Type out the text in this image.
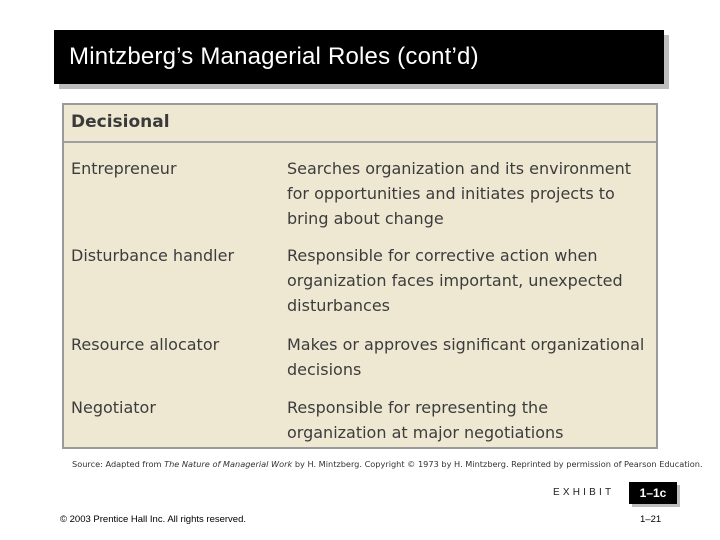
Mintzberg’s Managerial Roles (cont’d)
Decisional
Entrepreneur	Searches organization and its environment for opportunities and initiates projects to bring about change
Disturbance handler	Responsible for corrective action when organization faces important, unexpected disturbances
Resource allocator	Makes or approves significant organizational decisions
Negotiator	Responsible for representing the organization at major negotiations
Source: Adapted from The Nature of Managerial Work by H. Mintzberg. Copyright © 1973 by H. Mintzberg. Reprinted by permission of Pearson Education.
EXHIBIT 1–1c
© 2003 Prentice Hall Inc. All rights reserved.	1–21
